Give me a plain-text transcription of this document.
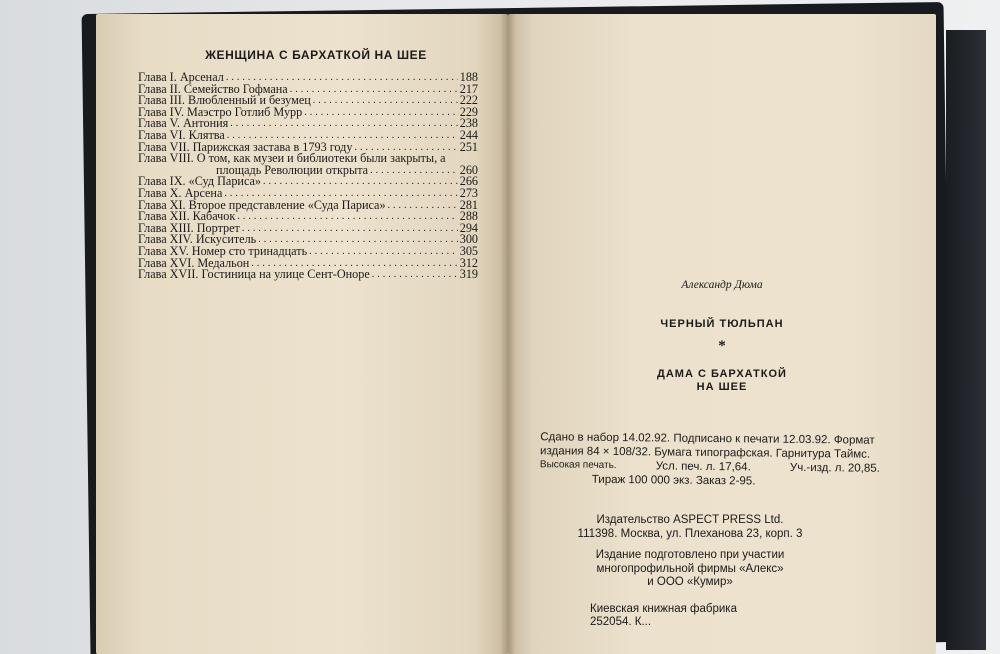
ЖЕНЩИНА С БАРХАТКОЙ НА ШЕЕ
Глава I. Арсенал .....	188
Глава II. Семейство Гофмана .....	217
Глава III. Влюбленный и безумец .....	222
Глава IV. Маэстро Готлиб Мурр .....	229
Глава V. Антония .....	238
Глава VI. Клятва .....	244
Глава VII. Парижская застава в 1793 году .....	251
Глава VIII. О том, как музеи и библиотеки были закрыты, а
площадь Революции открыта .....	260
Глава IX. «Суд Париса» .....	266
Глава X. Арсена .....	273
Глава XI. Второе представление «Суда Париса» .....	281
Глава XII. Кабачок .....	288
Глава XIII. Портрет .....	294
Глава XIV. Искуситель .....	300
Глава XV. Номер сто тринадцать .....	305
Глава XVI. Медальон .....	312
Глава XVII. Гостиница на улице Сент-Оноре .....	319
Александр Дюма
ЧЕРНЫЙ ТЮЛЬПАН
*
ДАМА С БАРХАТКОЙ
НА ШЕЕ
Сдано в набор 14.02.92. Подписано к печати 12.03.92. Формат
издания 84 × 108/32. Бумага типографская. Гарнитура Таймс.
Высокая печать.	Усл. печ. л. 17,64.	Уч.-изд. л. 20,85.
Тираж 100 000 экз. Заказ 2-95.
Издательство ASPECT PRESS Ltd.
111398. Москва, ул. Плеханова 23, корп. 3
Издание подготовлено при участии
многопрофильной фирмы «Алекс»
и ООО «Кумир»
Киевская книжная фабрика
252054. К...
